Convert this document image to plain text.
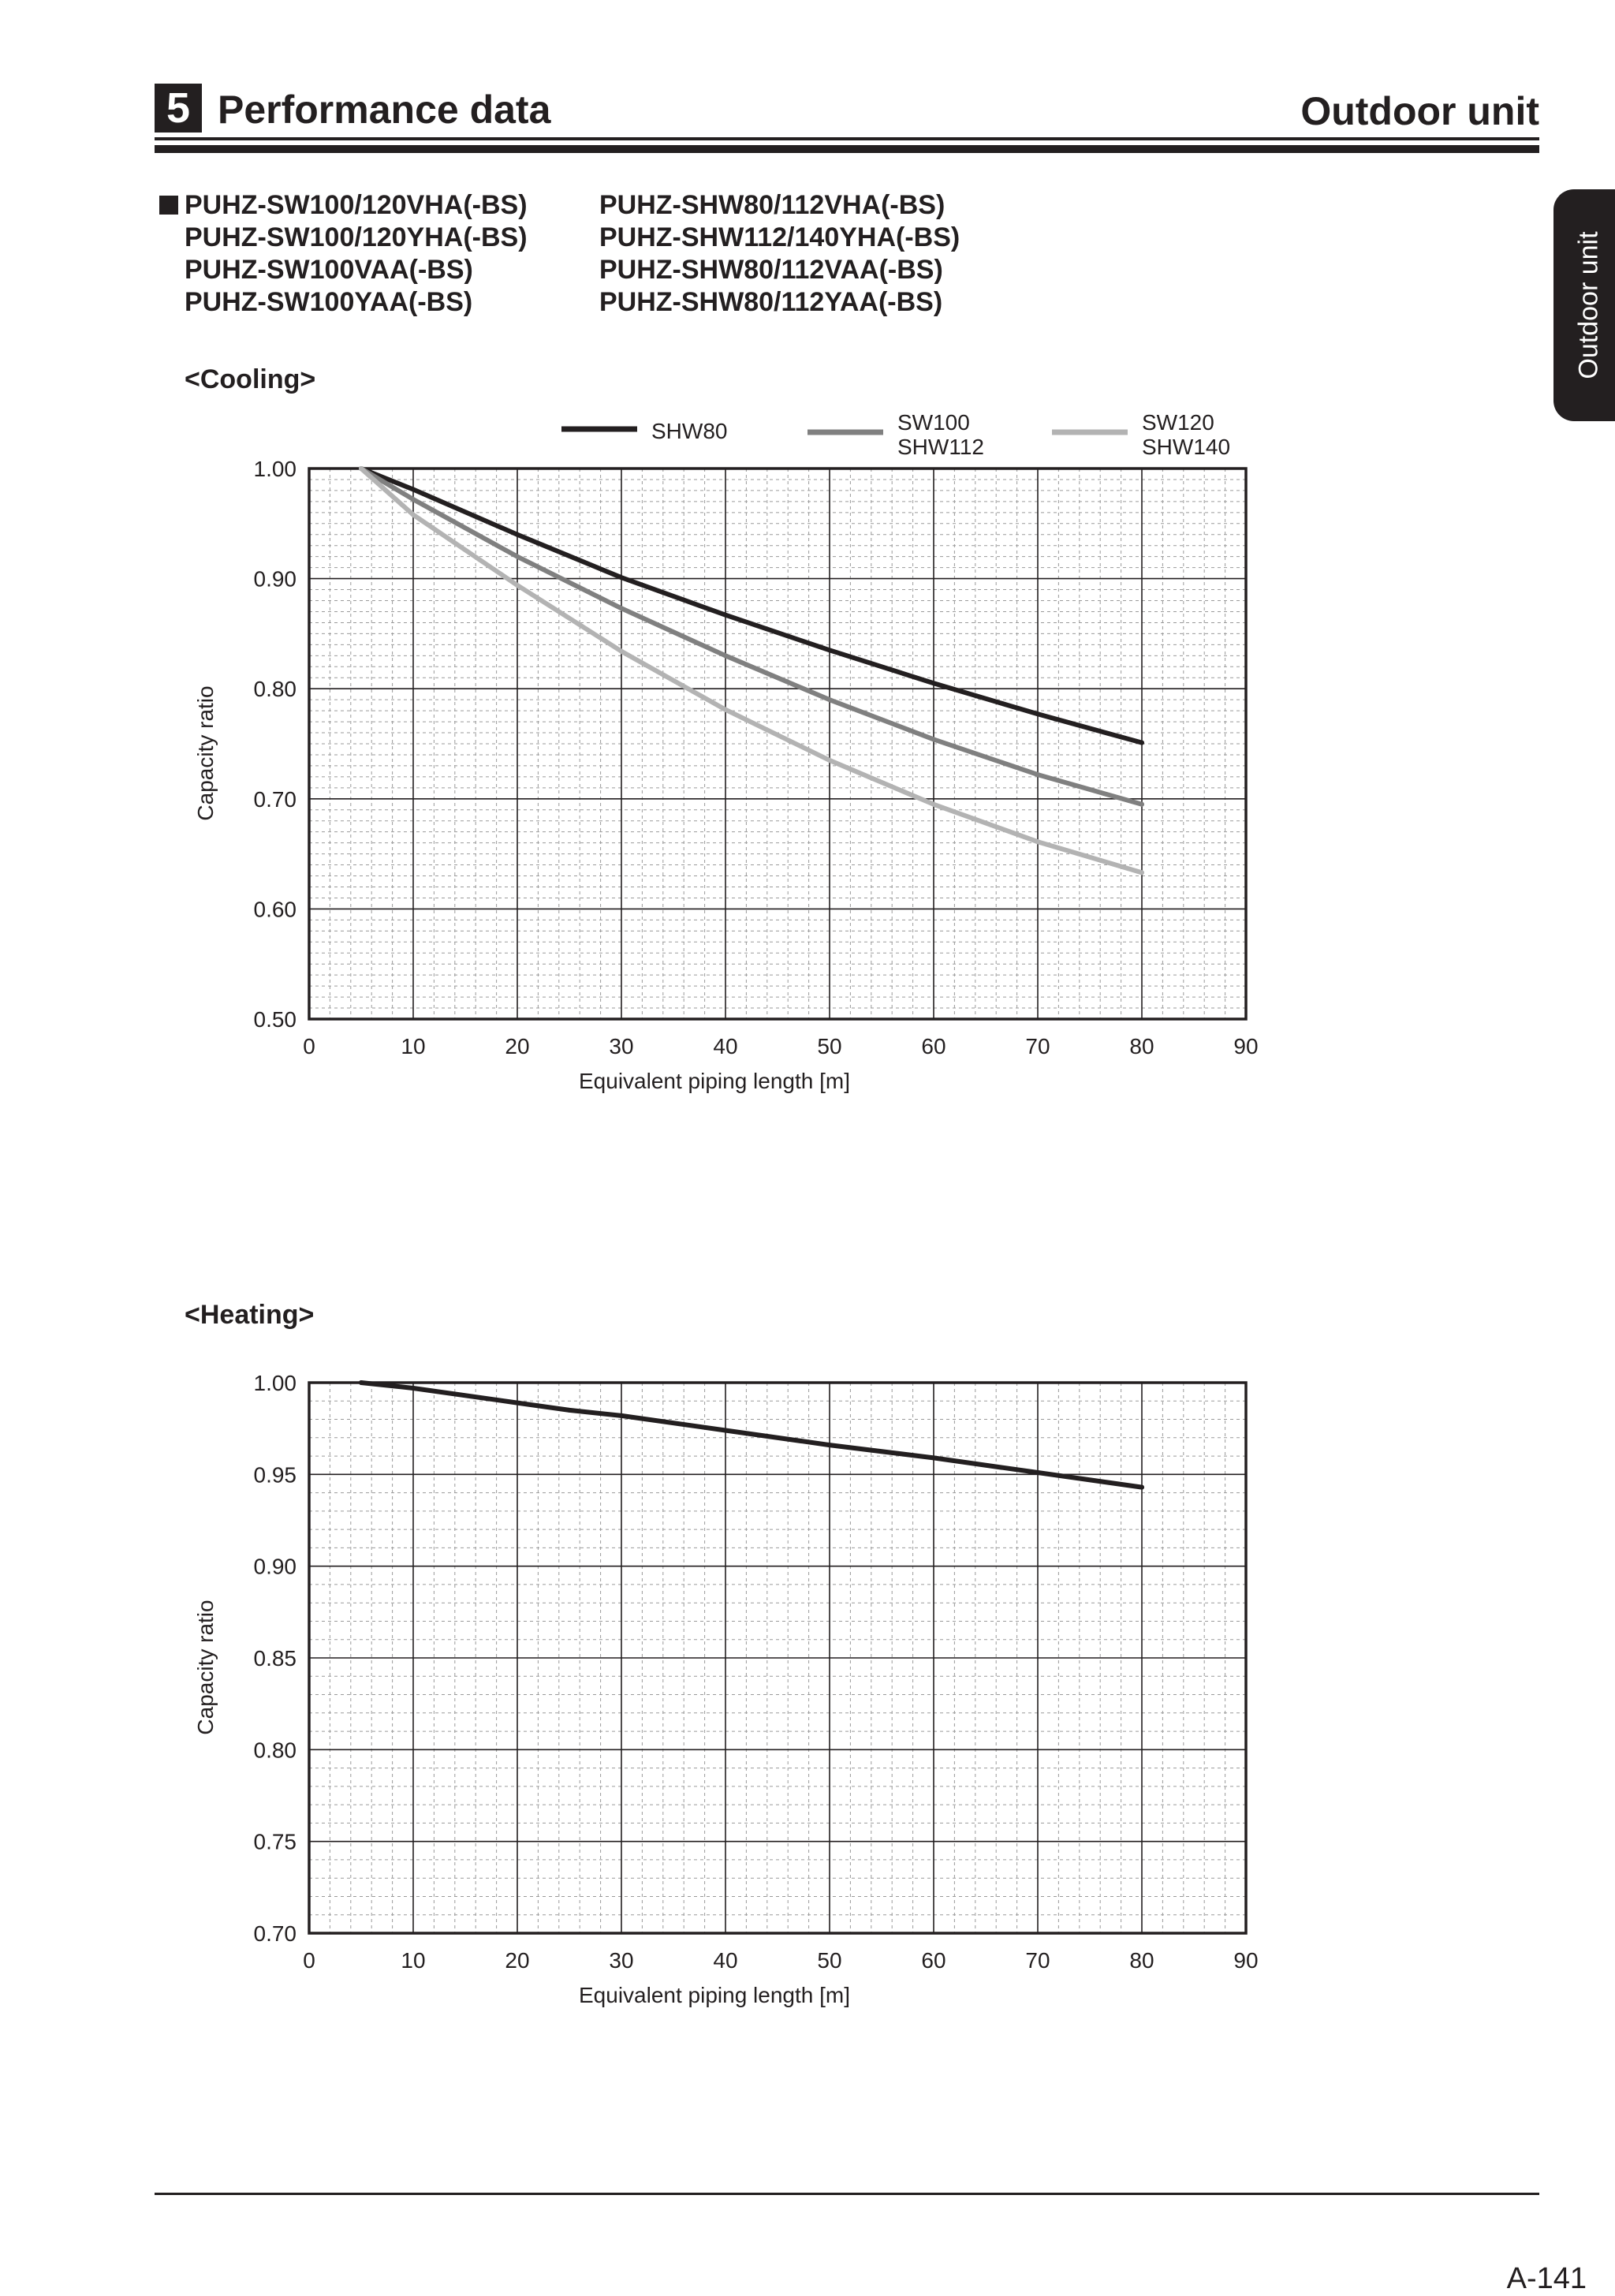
5 Performance data	Outdoor unit
Outdoor unit
PUHZ-SW100/120VHA(-BS)
PUHZ-SW100/120YHA(-BS)
PUHZ-SW100VAA(-BS)
PUHZ-SW100YAA(-BS)
PUHZ-SHW80/112VHA(-BS)
PUHZ-SHW112/140YHA(-BS)
PUHZ-SHW80/112VAA(-BS)
PUHZ-SHW80/112YAA(-BS)
<Cooling>
<Heating>
0	10	20	30	40	50	60	70	80	90
1.00
0.90
0.80
0.70
0.60
0.50
Equivalent piping length [m]
Capacity ratio
SHW80	SW100
SHW112
SW120
SHW140
0	10	20	30	40	50	60	70	80	90
1.00
0.95
0.90
0.85
0.80
0.75
0.70
Equivalent piping length [m]
Capacity ratio
A-141
